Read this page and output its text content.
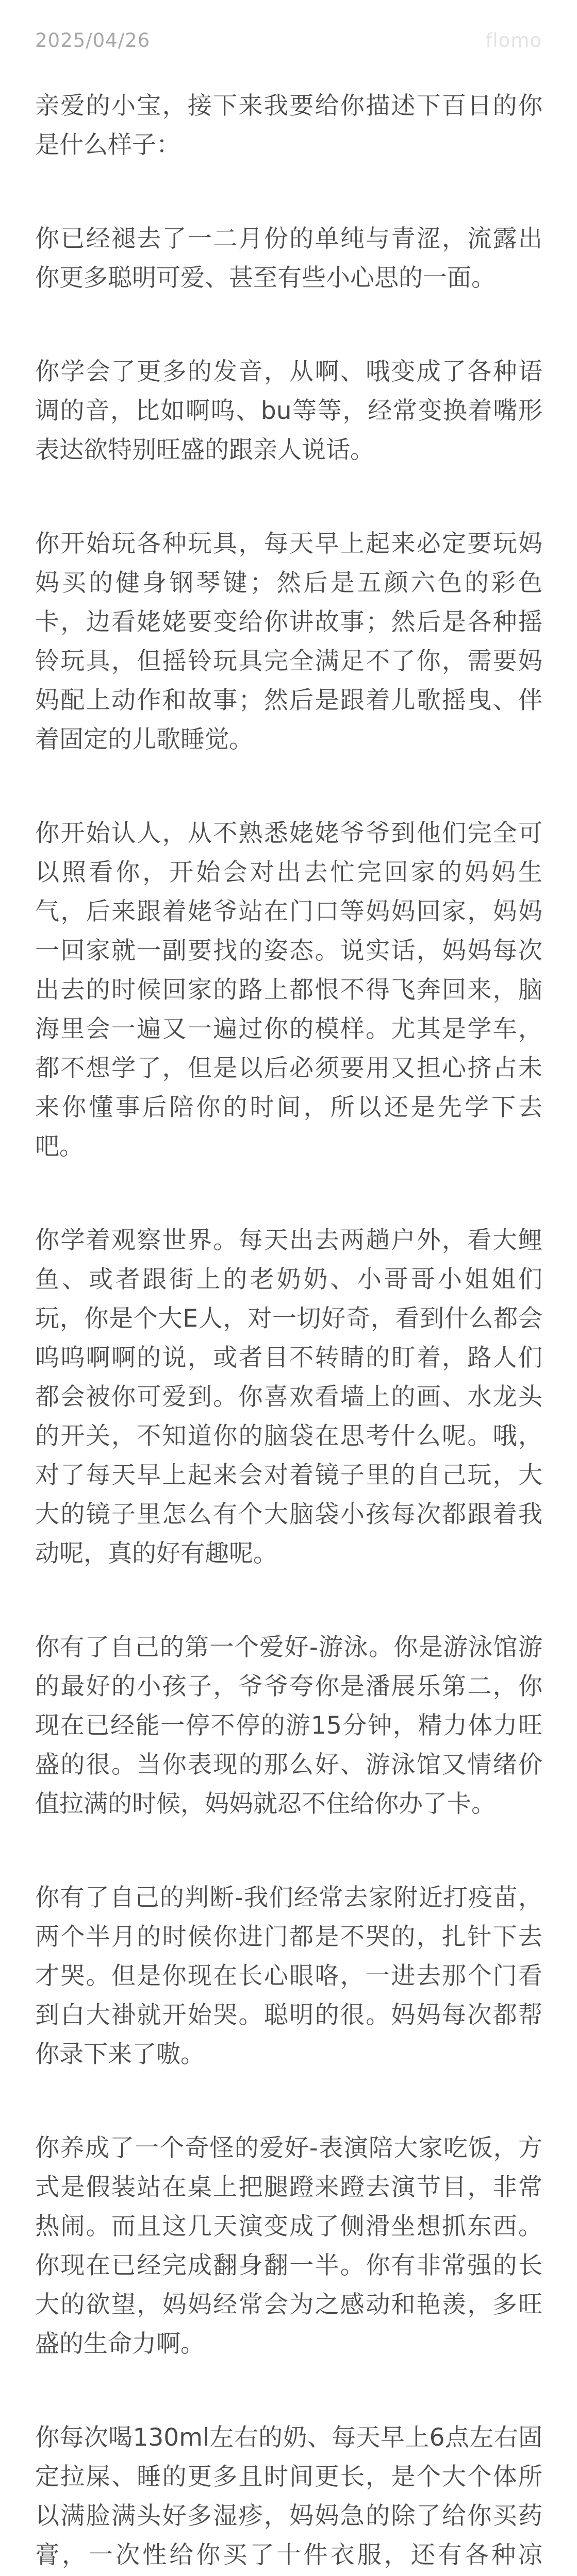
2025/04/26	flomo

亲爱的小宝，接下来我要给你描述下百日的你是什么样子：

你已经褪去了一二月份的单纯与青涩，流露出你更多聪明可爱、甚至有些小心思的一面。

你学会了更多的发音，从啊、哦变成了各种语调的音，比如啊呜、bu等等，经常变换着嘴形表达欲特别旺盛的跟亲人说话。

你开始玩各种玩具，每天早上起来必定要玩妈妈买的健身钢琴键；然后是五颜六色的彩色卡，边看姥姥要变给你讲故事；然后是各种摇铃玩具，但摇铃玩具完全满足不了你，需要妈妈配上动作和故事；然后是跟着儿歌摇曳、伴着固定的儿歌睡觉。

你开始认人，从不熟悉姥姥爷爷到他们完全可以照看你，开始会对出去忙完回家的妈妈生气，后来跟着姥爷站在门口等妈妈回家，妈妈一回家就一副要找的姿态。说实话，妈妈每次出去的时候回家的路上都恨不得飞奔回来，脑海里会一遍又一遍过你的模样。尤其是学车，都不想学了，但是以后必须要用又担心挤占未来你懂事后陪你的时间，所以还是先学下去吧。

你学着观察世界。每天出去两趟户外，看大鲤鱼、或者跟街上的老奶奶、小哥哥小姐姐们玩，你是个大E人，对一切好奇，看到什么都会呜呜啊啊的说，或者目不转睛的盯着，路人们都会被你可爱到。你喜欢看墙上的画、水龙头的开关，不知道你的脑袋在思考什么呢。哦，对了每天早上起来会对着镜子里的自己玩，大大的镜子里怎么有个大脑袋小孩每次都跟着我动呢，真的好有趣呢。

你有了自己的第一个爱好-游泳。你是游泳馆游的最好的小孩子，爷爷夸你是潘展乐第二，你现在已经能一停不停的游15分钟，精力体力旺盛的很。当你表现的那么好、游泳馆又情绪价值拉满的时候，妈妈就忍不住给你办了卡。

你有了自己的判断-我们经常去家附近打疫苗，两个半月的时候你进门都是不哭的，扎针下去才哭。但是你现在长心眼咯，一进去那个门看到白大褂就开始哭。聪明的很。妈妈每次都帮你录下来了嗷。

你养成了一个奇怪的爱好-表演陪大家吃饭，方式是假装站在桌上把腿蹬来蹬去演节目，非常热闹。而且这几天演变成了侧滑坐想抓东西。你现在已经完成翻身翻一半。你有非常强的长大的欲望，妈妈经常会为之感动和艳羡，多旺盛的生命力啊。

你每次喝130ml左右的奶、每天早上6点左右固定拉屎、睡的更多且时间更长，是个大个体所以满脸满头好多湿疹，妈妈急的除了给你买药膏，一次性给你买了十件衣服，还有各种凉
